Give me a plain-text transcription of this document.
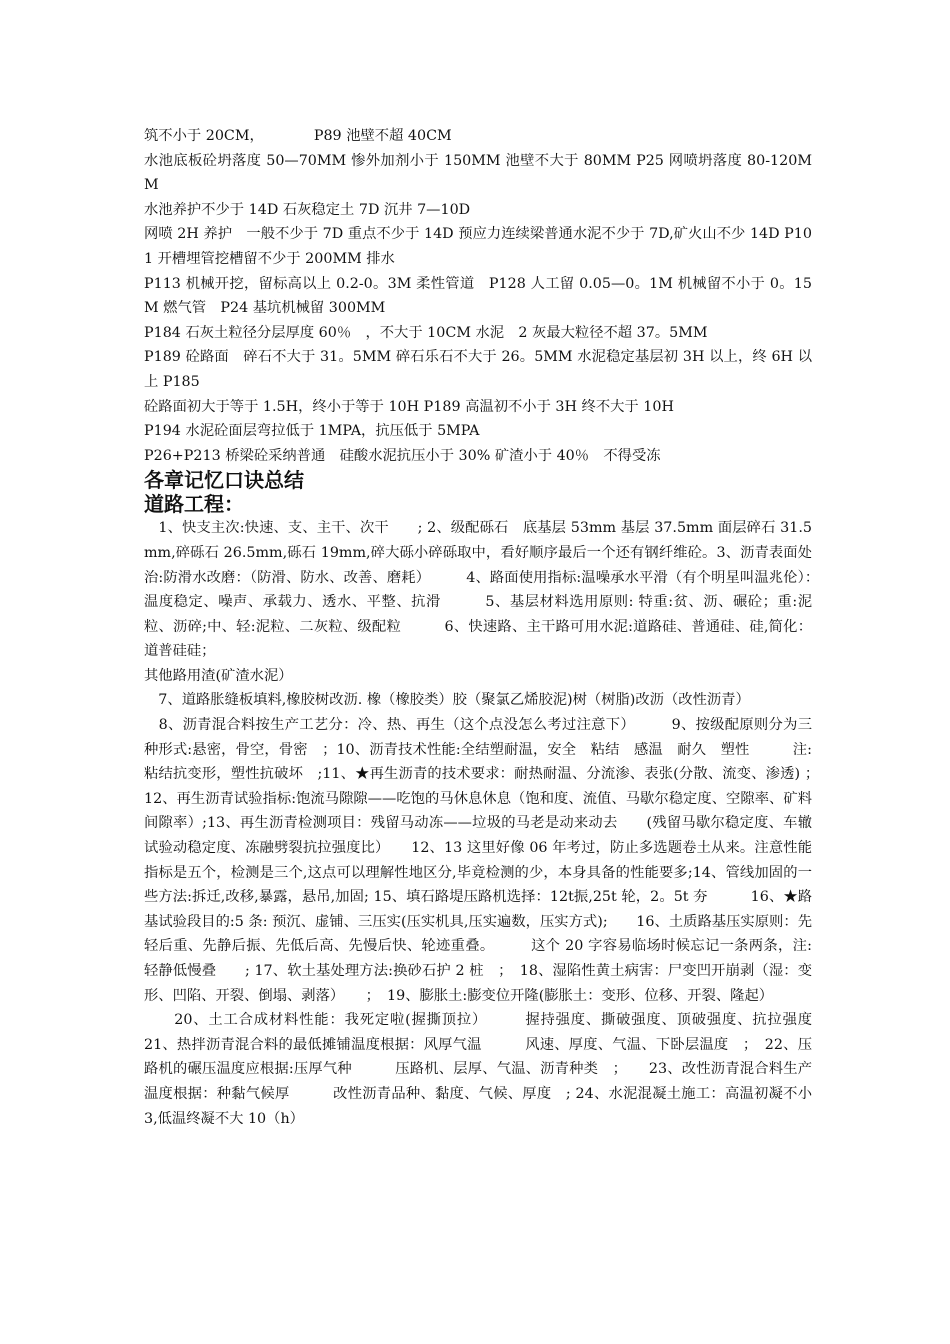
筑不小于 20CM，　　　　P89 池壁不超 40CM

水池底板砼坍落度 50—70MM 惨外加剂小于 150MM 池壁不大于 80MM P25 网喷坍落度 80-120MM

水池养护不少于 14D 石灰稳定土 7D 沉井 7—10D

网喷 2H 养护　一般不少于 7D 重点不少于 14D 预应力连续梁普通水泥不少于 7D,矿火山不少 14D P101 开槽埋管挖槽留不少于 200MM 排水

P113 机械开挖，留标高以上 0.2-0。3M 柔性管道　P128 人工留 0.05—0。1M 机械留不小于 0。15M 燃气管　P24 基坑机械留 300MM

P184 石灰土粒径分层厚度 60％　，不大于 10CM 水泥　2 灰最大粒径不超 37。5MM

P189 砼路面　碎石不大于 31。5MM 碎石乐石不大于 26。5MM 水泥稳定基层初 3H 以上，终 6H 以上 P185

砼路面初大于等于 1.5H，终小于等于 10H P189 高温初不小于 3H 终不大于 10H

P194 水泥砼面层弯拉低于 1MPA，抗压低于 5MPA

P26+P213 桥梁砼采纳普通　硅酸水泥抗压小于 30% 矿渣小于 40％　不得受冻

各章记忆口诀总结
道路工程：

　1、快支主次:快速、支、主干、次干　　; 2、级配砾石　底基层 53mm 基层 37.5mm 面层碎石 31.5mm,碎砾石 26.5mm,砾石 19mm,碎大砾小碎砾取中，看好顺序最后一个还有钢纤维砼。3、沥青表面处治:防滑水改磨：（防滑、防水、改善、磨耗）　　　4、路面使用指标:温噪承水平滑（有个明星叫温兆伦）：　　　温度稳定、噪声、承载力、透水、平整、抗滑　　　5、基层材料选用原则: 特重:贫、沥、碾砼；重:泥粒、沥碎;中、轻:泥粒、二灰粒、级配粒　　　6、快速路、主干路可用水泥:道路硅、普通硅、硅,简化：道普硅硅；

其他路用渣(矿渣水泥）

　7、道路胀缝板填料,橡胶树改沥. 橡（橡胶类）胶（聚氯乙烯胶泥)树（树脂)改沥（改性沥青）

　8、沥青混合料按生产工艺分：冷、热、再生（这个点没怎么考过注意下）　　　9、按级配原则分为三种形式:悬密，骨空，骨密　；10、沥青技术性能:全结塑耐温，安全　粘结　感温　耐久　塑性　　　注:粘结抗变形，塑性抗破坏　;11、★再生沥青的技术要求：耐热耐温、分流渗、表张(分散、流变、渗透) ；　12、再生沥青试验指标:饱流马隙隙——吃饱的马休息休息（饱和度、流值、马歇尔稳定度、空隙率、矿料间隙率）;13、再生沥青检测项目：残留马动冻——垃圾的马老是动来动去　　(残留马歇尔稳定度、车辙试验动稳定度、冻融劈裂抗拉强度比）　　12、13 这里好像 06 年考过，防止多选题卷土从来。注意性能指标是五个，检测是三个,这点可以理解性地区分,毕竟检测的少，本身具备的性能要多;14、管线加固的一些方法:拆迁,改移,暴露，悬吊,加固; 15、填石路堤压路机选择：12t振,25t 轮，2。5t 夯　　　16、★路基试验段目的:5 条: 预沉、虚铺、三压实(压实机具,压实遍数，压实方式);　　16、土质路基压实原则：先轻后重、先静后振、先低后高、先慢后快、轮迹重叠。　　　这个 20 字容易临场时候忘记一条两条，注:轻静低慢叠　　; 17、软土基处理方法:换砂石护 2 桩　；　18、湿陷性黄土病害：尸变凹开崩剥（湿：变形、凹陷、开裂、倒塌、剥落）　　；　19、膨胀土:膨变位开隆(膨胀土：变形、位移、开裂、隆起）

　　20、土工合成材料性能：我死定啦(握撕顶拉）　　　握持强度、撕破强度、顶破强度、抗拉强度　　　21、热拌沥青混合料的最低摊铺温度根据：风厚气温　　　风速、厚度、气温、下卧层温度　；　22、压路机的碾压温度应根据:压厚气种　　　压路机、层厚、气温、沥青种类　；　　23、改性沥青混合料生产温度根据：种黏气候厚　　　改性沥青品种、黏度、气候、厚度　; 24、水泥混凝土施工：高温初凝不小 3,低温终凝不大 10（h）
